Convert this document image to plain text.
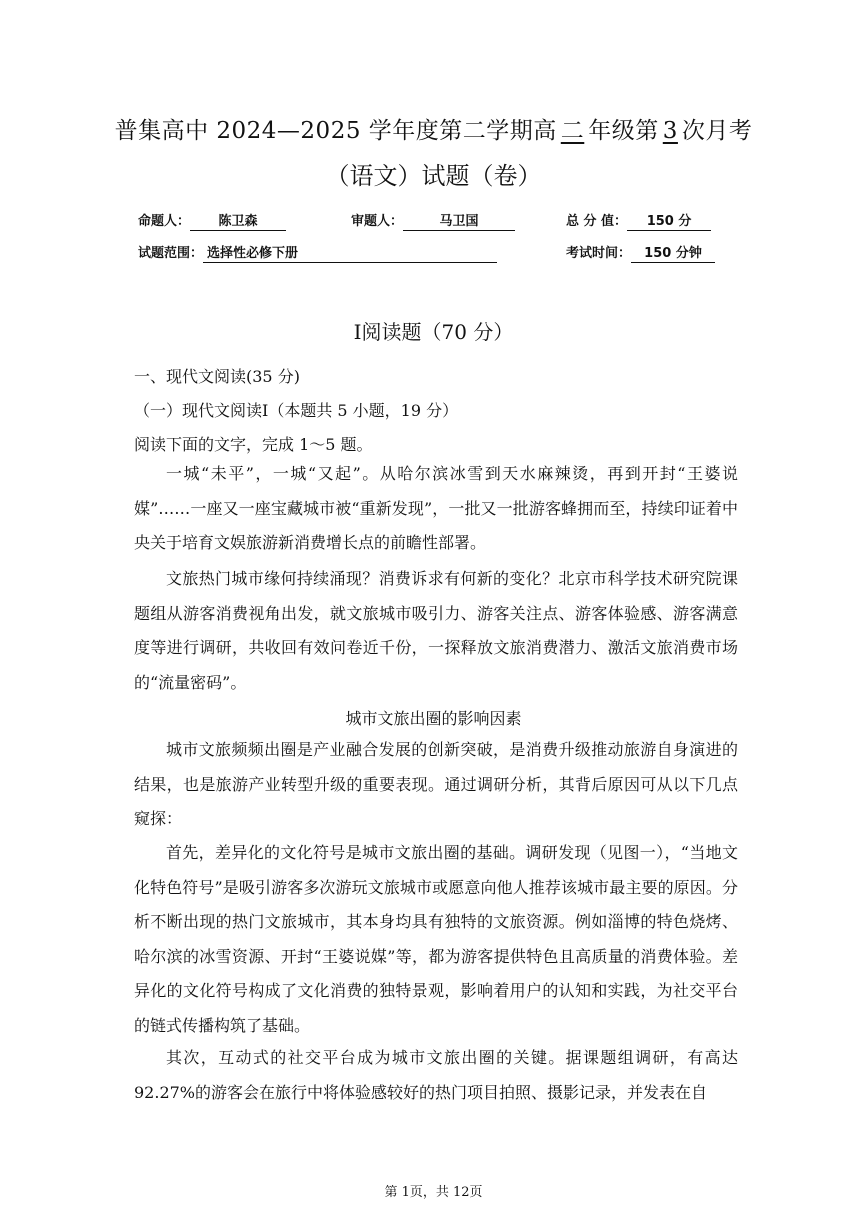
普集高中 2024—2025 学年度第二学期高 二 年级第 3 次月考
（语文）试题（卷）
命题人： 陈卫森	审题人：	马卫国	总 分 值： 150 分
试题范围： 选择性必修下册	考试时间： 150 分钟
Ⅰ阅读题（70 分）
一、现代文阅读(35 分)
（一）现代文阅读Ⅰ（本题共 5 小题，19 分）
阅读下面的文字，完成 1～5 题。
一城“未平”，一城“又起”。从哈尔滨冰雪到天水麻辣烫，再到开封“王婆说媒”……一座又一座宝藏城市被“重新发现”，一批又一批游客蜂拥而至，持续印证着中央关于培育文娱旅游新消费增长点的前瞻性部署。
文旅热门城市缘何持续涌现？消费诉求有何新的变化？北京市科学技术研究院课题组从游客消费视角出发，就文旅城市吸引力、游客关注点、游客体验感、游客满意度等进行调研，共收回有效问卷近千份，一探释放文旅消费潜力、激活文旅消费市场的“流量密码”。
城市文旅出圈的影响因素
城市文旅频频出圈是产业融合发展的创新突破，是消费升级推动旅游自身演进的结果，也是旅游产业转型升级的重要表现。通过调研分析，其背后原因可从以下几点窥探：
首先，差异化的文化符号是城市文旅出圈的基础。调研发现（见图一），“当地文化特色符号”是吸引游客多次游玩文旅城市或愿意向他人推荐该城市最主要的原因。分析不断出现的热门文旅城市，其本身均具有独特的文旅资源。例如淄博的特色烧烤、哈尔滨的冰雪资源、开封“王婆说媒”等，都为游客提供特色且高质量的消费体验。差异化的文化符号构成了文化消费的独特景观，影响着用户的认知和实践，为社交平台的链式传播构筑了基础。
其次，互动式的社交平台成为城市文旅出圈的关键。据课题组调研，有高达92.27%的游客会在旅行中将体验感较好的热门项目拍照、摄影记录，并发表在自
第 1页，共 12页
